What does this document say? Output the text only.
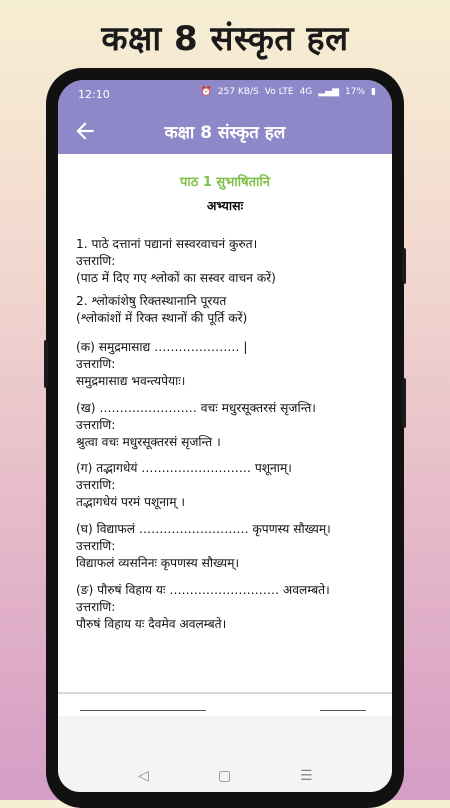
कक्षा 8 संस्कृत हल
12:10	⏰ 257 KB/S Vo LTE 4G ▂▄▆ 17% ▮
कक्षा 8 संस्कृत हल
पाठ 1 सुभाषितानि
अभ्यासः
1. पाठे दत्तानां पद्यानां सस्वरवाचनं कुरुत।
उत्तराणि:
(पाठ में दिए गए श्लोकों का सस्वर वाचन करें)
2. श्लोकांशेषु रिक्तस्थानानि पूरयत
(श्लोकांशों में रिक्त स्थानों की पूर्ति करें)
(क) समुद्रमासाद्य ………………… |
उत्तराणि:
समुद्रमासाद्य भवन्त्यपेयाः।
(ख) …………………… वचः मधुरसूक्तरसं सृजन्ति।
उत्तराणि:
श्रुत्वा वचः मधुरसूक्तरसं सृजन्ति ।
(ग) तद्भागधेयं ……………………… पशूनाम्।
उत्तराणि:
तद्भागधेयं परमं पशूनाम् ।
(घ) विद्याफलं ……………………… कृपणस्य सौख्यम्।
उत्तराणि:
विद्याफलं व्यसनिनः कृपणस्य सौख्यम्।
(ङ) पौरुषं विहाय यः ……………………… अवलम्बते।
उत्तराणि:
पौरुषं विहाय यः दैवमेव अवलम्बते।
◁	▢	☰
